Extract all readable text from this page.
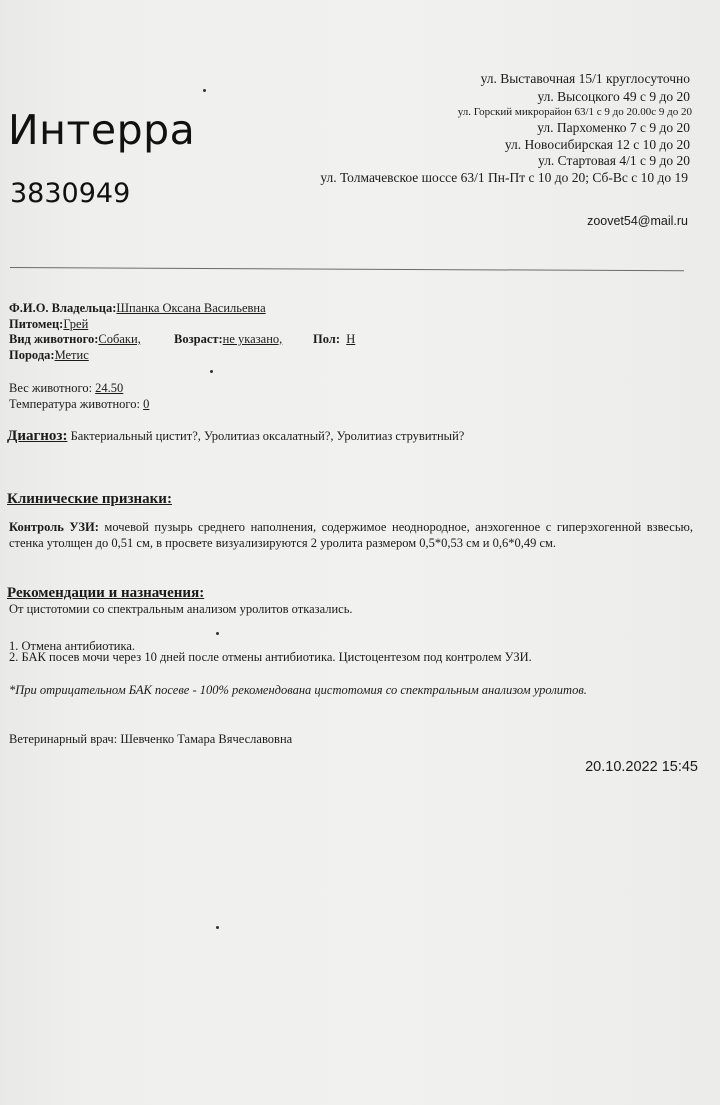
Интерра
3830949
ул. Выставочная 15/1 круглосуточно
ул. Высоцкого 49 с 9 до 20
ул. Горский микрорайон 63/1 с 9 до 20.00с 9 до 20
ул. Пархоменко 7 с 9 до 20
ул. Новосибирская 12 с 10 до 20
ул. Стартовая 4/1 с 9 до 20
ул. Толмачевское шоссе 63/1 Пн-Пт с 10 до 20; Сб-Вс с 10 до 19
zoovet54@mail.ru
Ф.И.О. Владельца:Шпанка Оксана Васильевна
Питомец:Грей
Вид животного:Собаки,	Возраст:не указано, Пол: Н
Порода:Метис
Вес животного: 24.50
Температура животного: 0
Диагноз: Бактериальный цистит?, Уролитиаз оксалатный?, Уролитиаз струвитный?
Клинические признаки:
Контроль УЗИ: мочевой пузырь среднего наполнения, содержимое неоднородное, анэхогенное с гиперэхогенной взвесью, стенка утолщен до 0,51 см, в просвете визуализируются 2 уролита размером 0,5*0,53 см и 0,6*0,49 см.
Рекомендации и назначения:
От цистотомии со спектральным анализом уролитов отказались.
1. Отмена антибиотика.
2. БАК посев мочи через 10 дней после отмены антибиотика. Цистоцентезом под контролем УЗИ.
*При отрицательном БАК посеве - 100% рекомендована цистотомия со спектральным анализом уролитов.
Ветеринарный врач: Шевченко Тамара Вячеславовна
20.10.2022 15:45
